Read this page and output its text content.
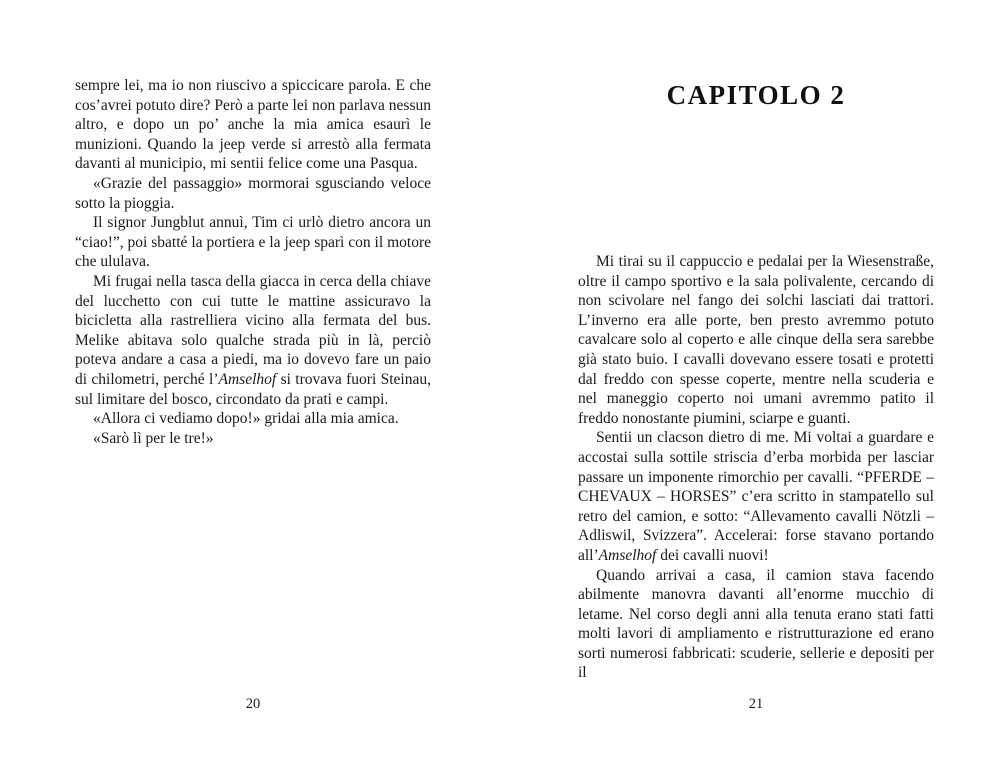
sempre lei, ma io non riuscivo a spiccicare parola. E che cos’avrei potuto dire? Però a parte lei non parlava nessun altro, e dopo un po’ anche la mia amica esaurì le munizioni. Quando la jeep verde si arrestò alla fermata davanti al municipio, mi sentii felice come una Pasqua.

«Grazie del passaggio» mormorai sgusciando veloce sotto la pioggia.

Il signor Jungblut annuì, Tim ci urlò dietro ancora un “ciao!”, poi sbatté la portiera e la jeep sparì con il motore che ululava.

Mi frugai nella tasca della giacca in cerca della chiave del lucchetto con cui tutte le mattine assicuravo la bicicletta alla rastrelliera vicino alla fermata del bus. Melike abitava solo qualche strada più in là, perciò poteva andare a casa a piedi, ma io dovevo fare un paio di chilometri, perché l’Amselhof si trovava fuori Steinau, sul limitare del bosco, circondato da prati e campi.

«Allora ci vediamo dopo!» gridai alla mia amica.

«Sarò lì per le tre!»

20
CAPITOLO 2

Mi tirai su il cappuccio e pedalai per la Wiesenstraße, oltre il campo sportivo e la sala polivalente, cercando di non scivolare nel fango dei solchi lasciati dai trattori. L’inverno era alle porte, ben presto avremmo potuto cavalcare solo al coperto e alle cinque della sera sarebbe già stato buio. I cavalli dovevano essere tosati e protetti dal freddo con spesse coperte, mentre nella scuderia e nel maneggio coperto noi umani avremmo patito il freddo nonostante piumini, sciarpe e guanti.

Sentii un clacson dietro di me. Mi voltai a guardare e accostai sulla sottile striscia d’erba morbida per lasciar passare un imponente rimorchio per cavalli. “PFERDE – CHEVAUX – HORSES” c’era scritto in stampatello sul retro del camion, e sotto: “Allevamento cavalli Nötzli – Adliswil, Svizzera”. Accelerai: forse stavano portando all’Amselhof dei cavalli nuovi!

Quando arrivai a casa, il camion stava facendo abilmente manovra davanti all’enorme mucchio di letame. Nel corso degli anni alla tenuta erano stati fatti molti lavori di ampliamento e ristrutturazione ed erano sorti numerosi fabbricati: scuderie, sellerie e depositi per il

21
